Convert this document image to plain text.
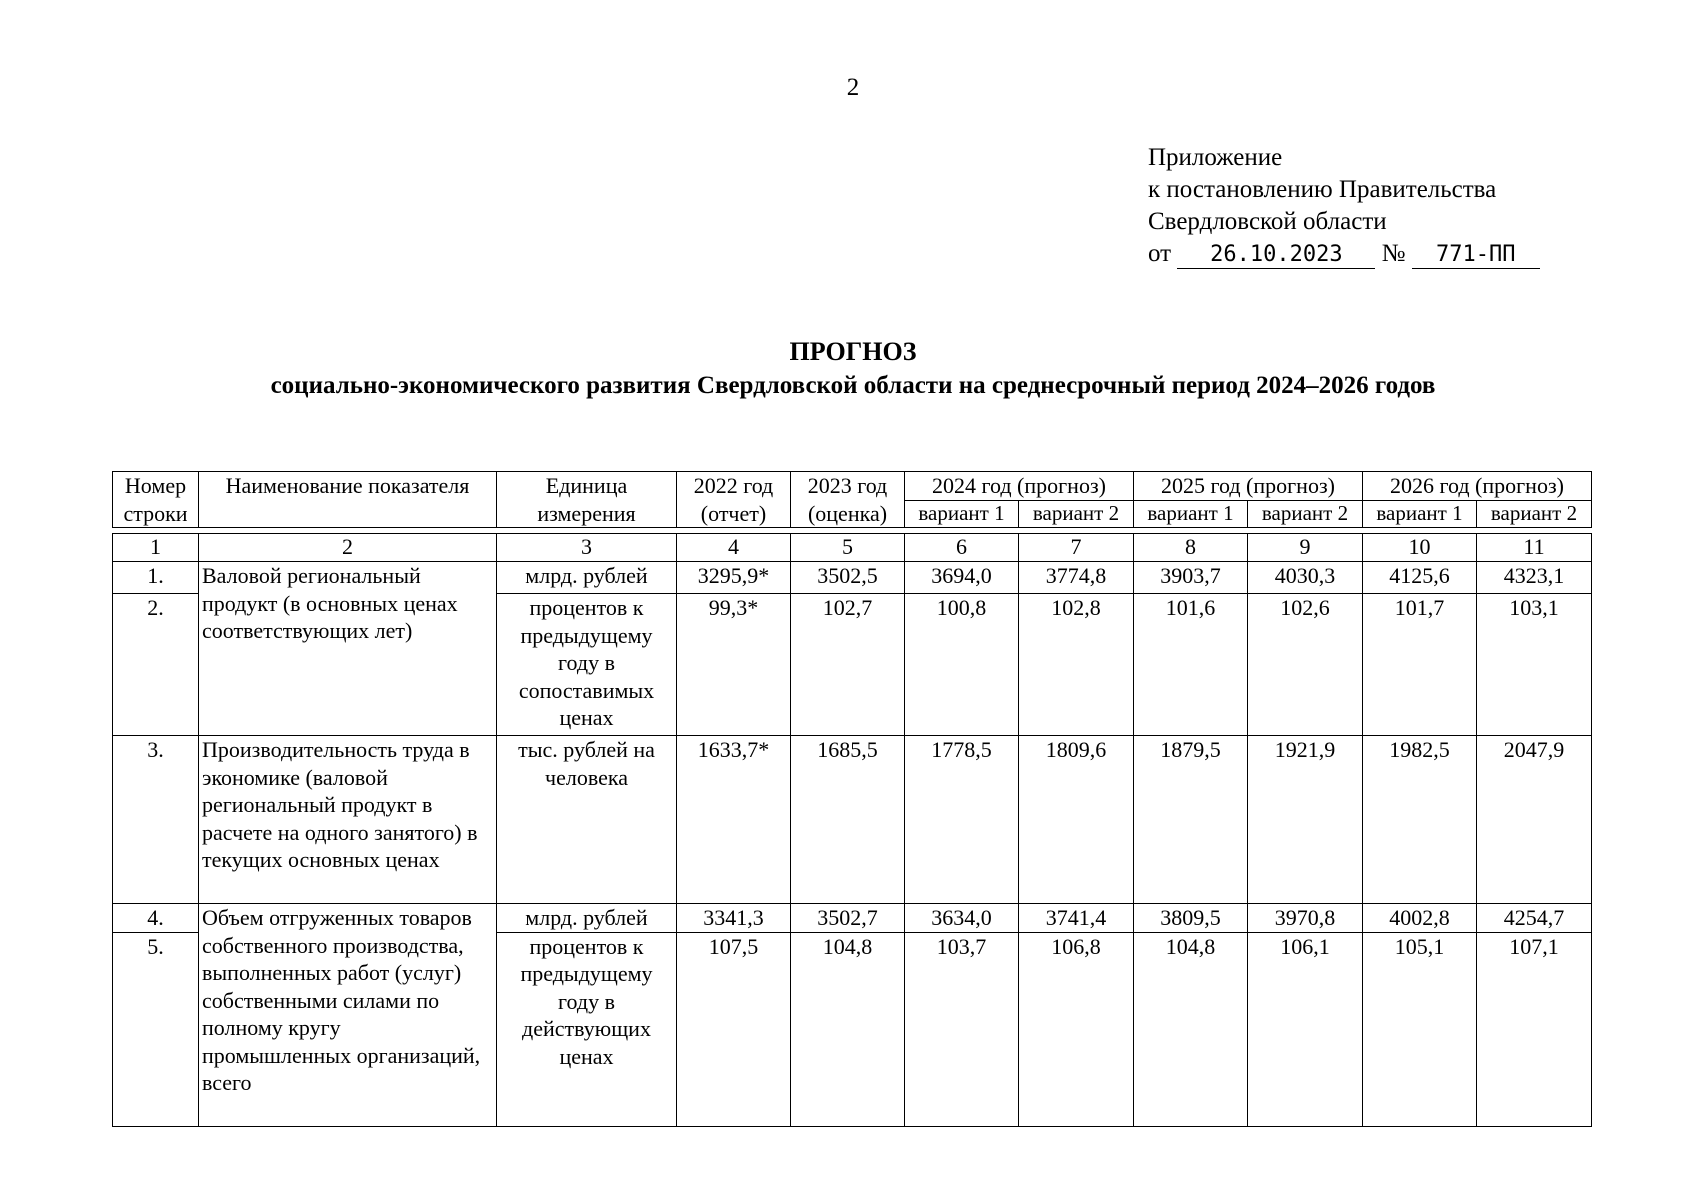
2
Приложение
к постановлению Правительства
Свердловской области
от 26.10.2023 № 771-ПП
ПРОГНОЗ
социально-экономического развития Свердловской области на среднесрочный период 2024–2026 годов
Номер строки	Наименование показателя	Единица измерения	2022 год (отчет)	2023 год (оценка)	2024 год (прогноз)		2025 год (прогноз)		2026 год (прогноз)	
					вариант 1	вариант 2	вариант 1	вариант 2	вариант 1	вариант 2
1	2	3	4	5	6	7	8	9	10	11
1.	Валовой региональный продукт (в основных ценах соответствующих лет)	млрд. рублей	3295,9*	3502,5	3694,0	3774,8	3903,7	4030,3	4125,6	4323,1
2.		процентов к предыдущему году в сопоставимых ценах	99,3*	102,7	100,8	102,8	101,6	102,6	101,7	103,1
3.	Производительность труда в экономике (валовой региональный продукт в расчете на одного занятого) в текущих основных ценах	тыс. рублей на человека	1633,7*	1685,5	1778,5	1809,6	1879,5	1921,9	1982,5	2047,9
4.	Объем отгруженных товаров собственного производства, выполненных работ (услуг) собственными силами по полному кругу промышленных организаций, всего	млрд. рублей	3341,3	3502,7	3634,0	3741,4	3809,5	3970,8	4002,8	4254,7
5.		процентов к предыдущему году в действующих ценах	107,5	104,8	103,7	106,8	104,8	106,1	105,1	107,1
